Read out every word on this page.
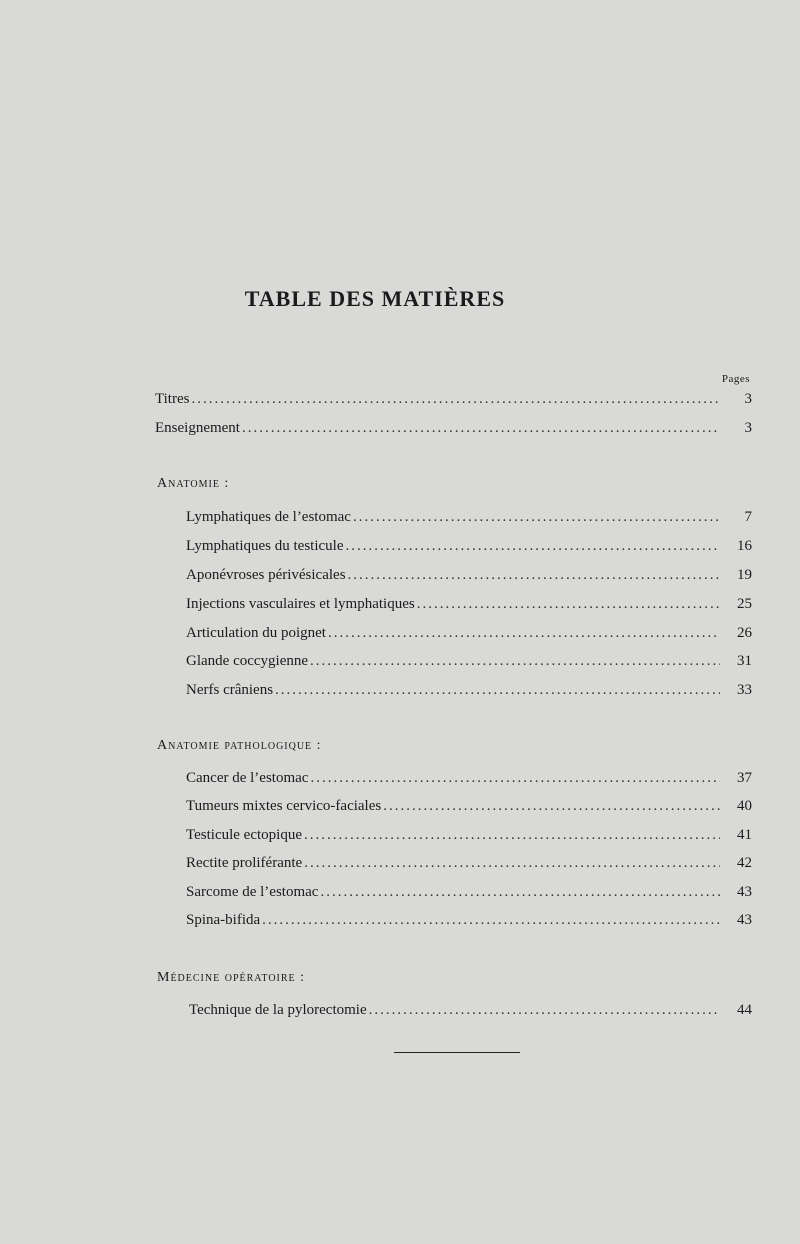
TABLE DES MATIÈRES
Pages
Titres .....	3
Enseignement .....	3
Anatomie :
Lymphatiques de l’estomac .....	7
Lymphatiques du testicule .....	16
Aponévroses périvésicales .....	19
Injections vasculaires et lymphatiques .....	25
Articulation du poignet .....	26
Glande coccygienne .....	31
Nerfs crâniens .....	33
Anatomie pathologique :
Cancer de l’estomac .....	37
Tumeurs mixtes cervico-faciales .....	40
Testicule ectopique .....	41
Rectite proliférante .....	42
Sarcome de l’estomac .....	43
Spina-bifida .....	43
Médecine opératoire :
Technique de la pylorectomie .....	44
